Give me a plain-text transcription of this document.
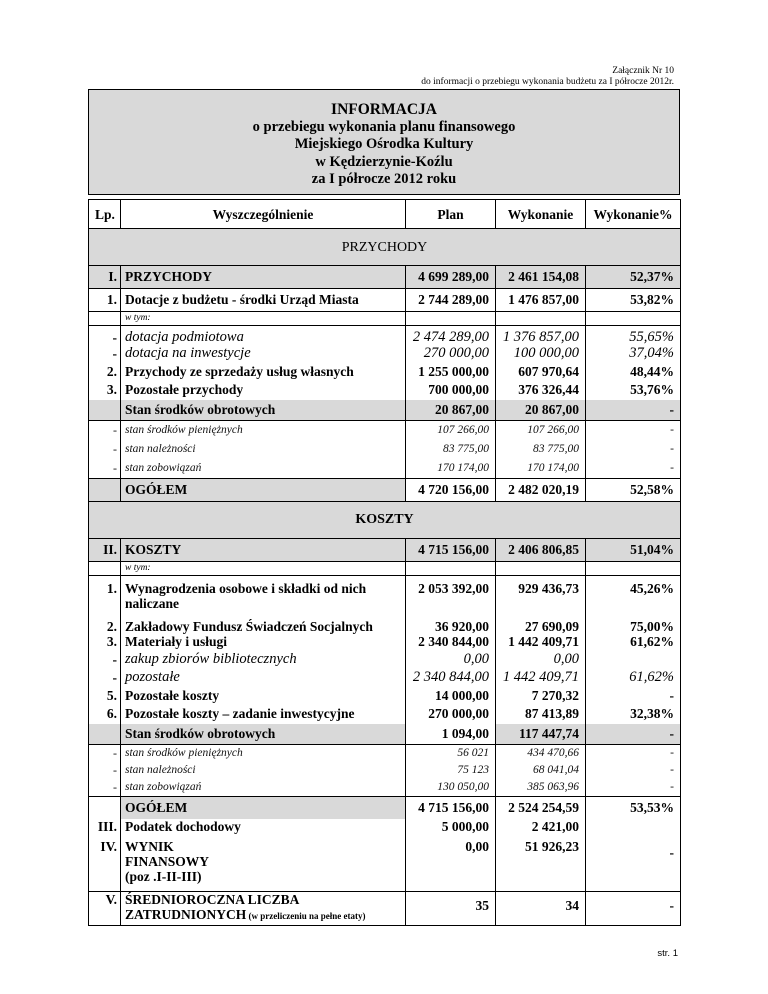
Załącznik Nr 10
do informacji o przebiegu wykonania budżetu za I półrocze 2012r.
INFORMACJA
o przebiegu wykonania planu finansowego
Miejskiego Ośrodka Kultury
w Kędzierzynie-Koźlu
za I półrocze 2012 roku
Lp.	Wyszczególnienie	Plan	Wykonanie	Wykonanie%
PRZYCHODY				
I.	PRZYCHODY	4 699 289,00	2 461 154,08	52,37%
1.	Dotacje z budżetu - środki Urząd Miasta	2 744 289,00	1 476 857,00	53,82%
	w tym:			
-	dotacja podmiotowa	2 474 289,00	1 376 857,00	55,65%
-	dotacja na inwestycje	270 000,00	100 000,00	37,04%
2.	Przychody ze sprzedaży usług własnych	1 255 000,00	607 970,64	48,44%
3.	Pozostałe przychody	700 000,00	376 326,44	53,76%
	Stan środków obrotowych	20 867,00	20 867,00	-
-	stan środków pieniężnych	107 266,00	107 266,00	-
-	stan należności	83 775,00	83 775,00	-
-	stan zobowiązań	170 174,00	170 174,00	-
	OGÓŁEM	4 720 156,00	2 482 020,19	52,58%
KOSZTY				
II.	KOSZTY	4 715 156,00	2 406 806,85	51,04%
	w tym:			
1.	Wynagrodzenia osobowe i składki od nich
naliczane	2 053 392,00	929 436,73	45,26%
2.	Zakładowy Fundusz Świadczeń Socjalnych	36 920,00	27 690,09	75,00%
3.	Materiały i usługi	2 340 844,00	1 442 409,71	61,62%
-	zakup zbiorów bibliotecznych	0,00	0,00	
-	pozostałe	2 340 844,00	1 442 409,71	61,62%
5.	Pozostałe koszty	14 000,00	7 270,32	-
6.	Pozostałe koszty – zadanie inwestycyjne	270 000,00	87 413,89	32,38%
	Stan środków obrotowych	1 094,00	117 447,74	-
-	stan środków pieniężnych	56 021	434 470,66	-
-	stan należności	75 123	68 041,04	-
-	stan zobowiązań	130 050,00	385 063,96	-
	OGÓŁEM	4 715 156,00	2 524 254,59	53,53%
III.	Podatek dochodowy	5 000,00	2 421,00	
IV.	WYNIK
FINANSOWY
(poz .I-II-III)	0,00	51 926,23	-
V.	ŚREDNIOROCZNA LICZBA
ZATRUDNIONYCH (w przeliczeniu na pełne etaty)	35	34	-
str. 1
